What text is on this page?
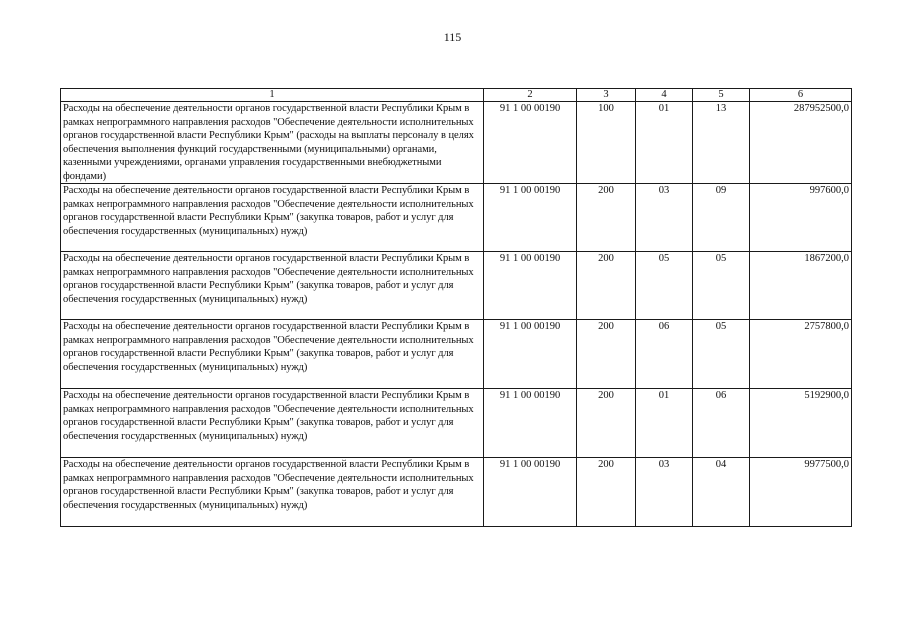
115
1	2	3	4	5	6
Расходы на обеспечение деятельности органов государственной власти Республики Крым в рамках непрограммного направления расходов "Обеспечение деятельности исполнительных органов государственной власти Республики Крым" (расходы на выплаты персоналу в целях обеспечения выполнения функций государственными (муниципальными) органами, казенными учреждениями, органами управления государственными внебюджетными фондами)	91 1 00 00190	100	01	13	287952500,0
Расходы на обеспечение деятельности органов государственной власти Республики Крым в рамках непрограммного направления расходов "Обеспечение деятельности исполнительных органов государственной власти Республики Крым" (закупка товаров, работ и услуг для обеспечения государственных (муниципальных) нужд)	91 1 00 00190	200	03	09	997600,0
Расходы на обеспечение деятельности органов государственной власти Республики Крым в рамках непрограммного направления расходов "Обеспечение деятельности исполнительных органов государственной власти Республики Крым" (закупка товаров, работ и услуг для обеспечения государственных (муниципальных) нужд)	91 1 00 00190	200	05	05	1867200,0
Расходы на обеспечение деятельности органов государственной власти Республики Крым в рамках непрограммного направления расходов "Обеспечение деятельности исполнительных органов государственной власти Республики Крым" (закупка товаров, работ и услуг для обеспечения государственных (муниципальных) нужд)	91 1 00 00190	200	06	05	2757800,0
Расходы на обеспечение деятельности органов государственной власти Республики Крым в рамках непрограммного направления расходов "Обеспечение деятельности исполнительных органов государственной власти Республики Крым" (закупка товаров, работ и услуг для обеспечения государственных (муниципальных) нужд)	91 1 00 00190	200	01	06	5192900,0
Расходы на обеспечение деятельности органов государственной власти Республики Крым в рамках непрограммного направления расходов "Обеспечение деятельности исполнительных органов государственной власти Республики Крым" (закупка товаров, работ и услуг для обеспечения государственных (муниципальных) нужд)	91 1 00 00190	200	03	04	9977500,0
